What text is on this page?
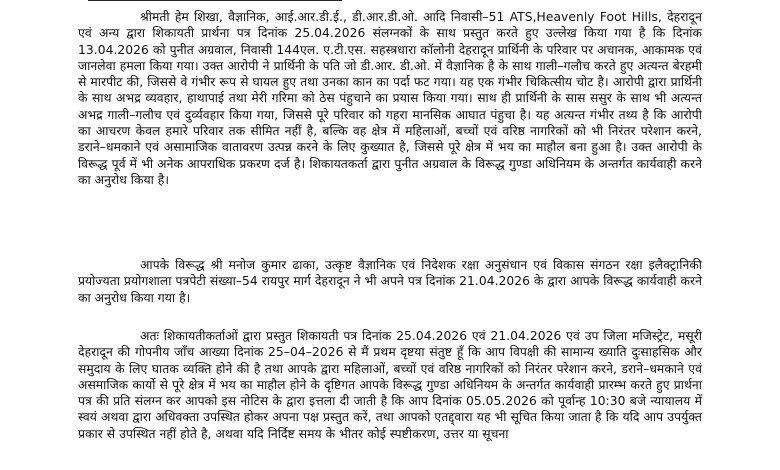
श्रीमती हेम शिखा, वैज्ञानिक, आई.आर.डी.ई., डी.आर.डी.ओ. आदि निवासी–51 ATS,Heavenly Foot Hills, देहरादून एवं अन्य द्वारा शिकायती प्रार्थना पत्र दिनांक 25.04.2026 संलग्नकों के साथ प्रस्तुत करते हुए उल्लेख किया गया है कि दिनांक 13.04.2026 को पुनीत अग्रवाल, निवासी 144एल. ए.टी.एस. सहस्त्रधारा कॉलोनी देहरादून प्रार्थिनी के परिवार पर अचानक, आकामक एवं जानलेवा हमला किया गया। उक्त आरोपी ने प्रार्थिनी के पति जो डी.आर. डी.ओ. में वैज्ञानिक है के साथ गाली–गलौच करते हुए अत्यन्त बेरहमी से मारपीट की, जिससे वे गंभीर रूप से घायल हुए तथा उनका कान का पर्दा फट गया। यह एक गंभीर चिकित्सीय चोट है। आरोपी द्वारा प्रार्थिनी के साथ अभद्र व्यवहार, हाथापाई तथा मेरी गरिमा को ठेस पंहुचाने का प्रयास किया गया। साथ ही प्रार्थिनी के सास ससुर के साथ भी अत्यन्त अभद्र गाली–गलौच एवं दुर्व्यवहार किया गया, जिससे पूरे परिवार को गहरा मानसिक आघात पंहुचा है। यह अत्यन्त गंभीर तथ्य है कि आरोपी का आचरण केवल हमारे परिवार तक सीमित नहीं है, बल्कि वह क्षेत्र में महिलाओं, बच्चों एवं वरिष्ठ नागरिकों को भी निरंतर परेशान करने, डराने–धमकाने एवं असामाजिक वातावरण उत्पन्न करने के लिए कुख्यात है, जिससे पूरे क्षेत्र में भय का माहौल बना हुआ है। उक्त आरोपी के विरूद्ध पूर्व में भी अनेक आपराधिक प्रकरण दर्ज है। शिकायतकर्ता द्वारा पुनीत अग्रवाल के विरूद्ध गुण्डा अधिनियम के अन्तर्गत कार्यवाही करने का अनुरोध किया है।

आपके विरूद्ध श्री मनोज कुमार ढाका, उत्कृष्ट वैज्ञानिक एवं निदेशक रक्षा अनुसंधान एवं विकास संगठन रक्षा इलैक्ट्रानिकी प्रयोज्यता प्रयोगशाला पत्रपेटी संख्या–54 रायपुर मार्ग देहरादून ने भी अपने पत्र दिनांक 21.04.2026 के द्वारा आपके विरूद्ध कार्यवाही करने का अनुरोध किया गया है।

अतः शिकायतीकर्ताओं द्वारा प्रस्तुत शिकायती पत्र दिनांक 25.04.2026 एवं 21.04.2026 एवं उप जिला मजिस्ट्रेट, मसूरी देहरादून की गोपनीय जाँच आख्या दिनांक 25–04–2026 से मैं प्रथम दृष्टया संतुष्ट हूँ कि आप विपक्षी की सामान्य ख्याति दुःसाहसिक और समुदाय के लिए घातक व्यक्ति होने की है तथा आपके द्वारा महिलाओं, बच्चों एवं वरिष्ठ नागरिकों को निरंतर परेशान करने, डराने–धमकाने एवं असमाजिक कार्यो से पूरे क्षेत्र में भय का माहौल होने के दृष्टिगत आपके विरूद्ध गुण्डा अधिनियम के अन्तर्गत कार्यवाही प्रारम्भ करते हुए प्रार्थना पत्र की प्रति संलग्न कर आपको इस नोटिस के द्वारा इत्तला दी जाती है कि आप दिनांक 05.05.2026 को पूर्वान्ह 10:30 बजे न्यायालय में स्वयं अथवा द्वारा अधिवक्ता उपस्थित होकर अपना पक्ष प्रस्तुत करें, तथा आपको एतद्द्वारा यह भी सूचित किया जाता है कि यदि आप उपर्युक्त प्रकार से उपस्थित नहीं होते है, अथवा यदि निर्दिष्ट समय के भीतर कोई स्पष्टीकरण, उत्तर या सूचना
